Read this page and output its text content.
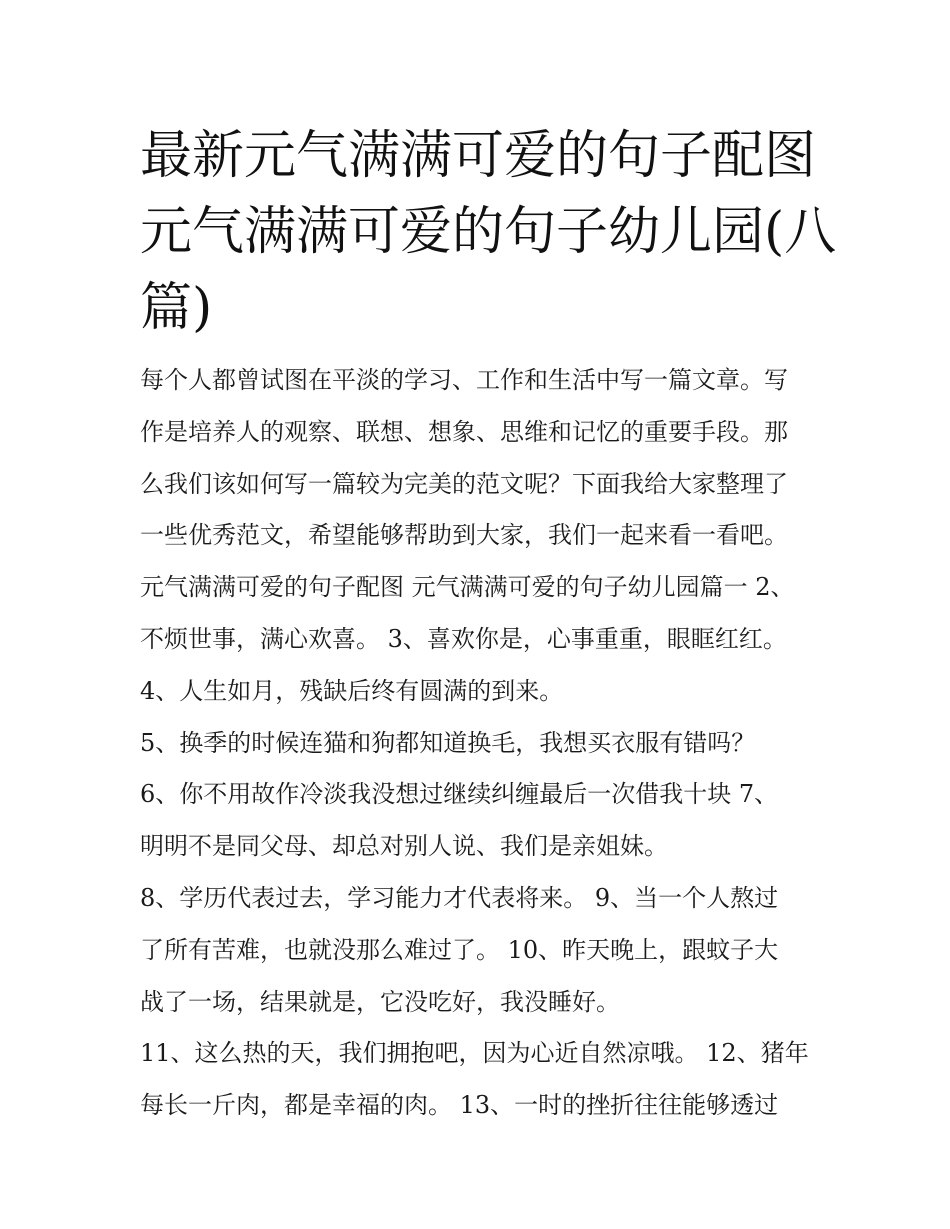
最新元气满满可爱的句子配图
元气满满可爱的句子幼儿园(八
篇)

每个人都曾试图在平淡的学习、工作和生活中写一篇文章。写

作是培养人的观察、联想、想象、思维和记忆的重要手段。那

么我们该如何写一篇较为完美的范文呢？下面我给大家整理了

一些优秀范文，希望能够帮助到大家，我们一起来看一看吧。

元气满满可爱的句子配图 元气满满可爱的句子幼儿园篇一 2、

不烦世事，满心欢喜。 3、喜欢你是，心事重重，眼眶红红。

4、人生如月，残缺后终有圆满的到来。

5、换季的时候连猫和狗都知道换毛，我想买衣服有错吗？

6、你不用故作冷淡我没想过继续纠缠最后一次借我十块 7、

明明不是同父母、却总对别人说、我们是亲姐妹。

8、学历代表过去，学习能力才代表将来。 9、当一个人熬过

了所有苦难，也就没那么难过了。 10、昨天晚上，跟蚊子大

战了一场，结果就是，它没吃好，我没睡好。

11、这么热的天，我们拥抱吧，因为心近自然凉哦。 12、猪年

每长一斤肉，都是幸福的肉。 13、一时的挫折往往能够透过
